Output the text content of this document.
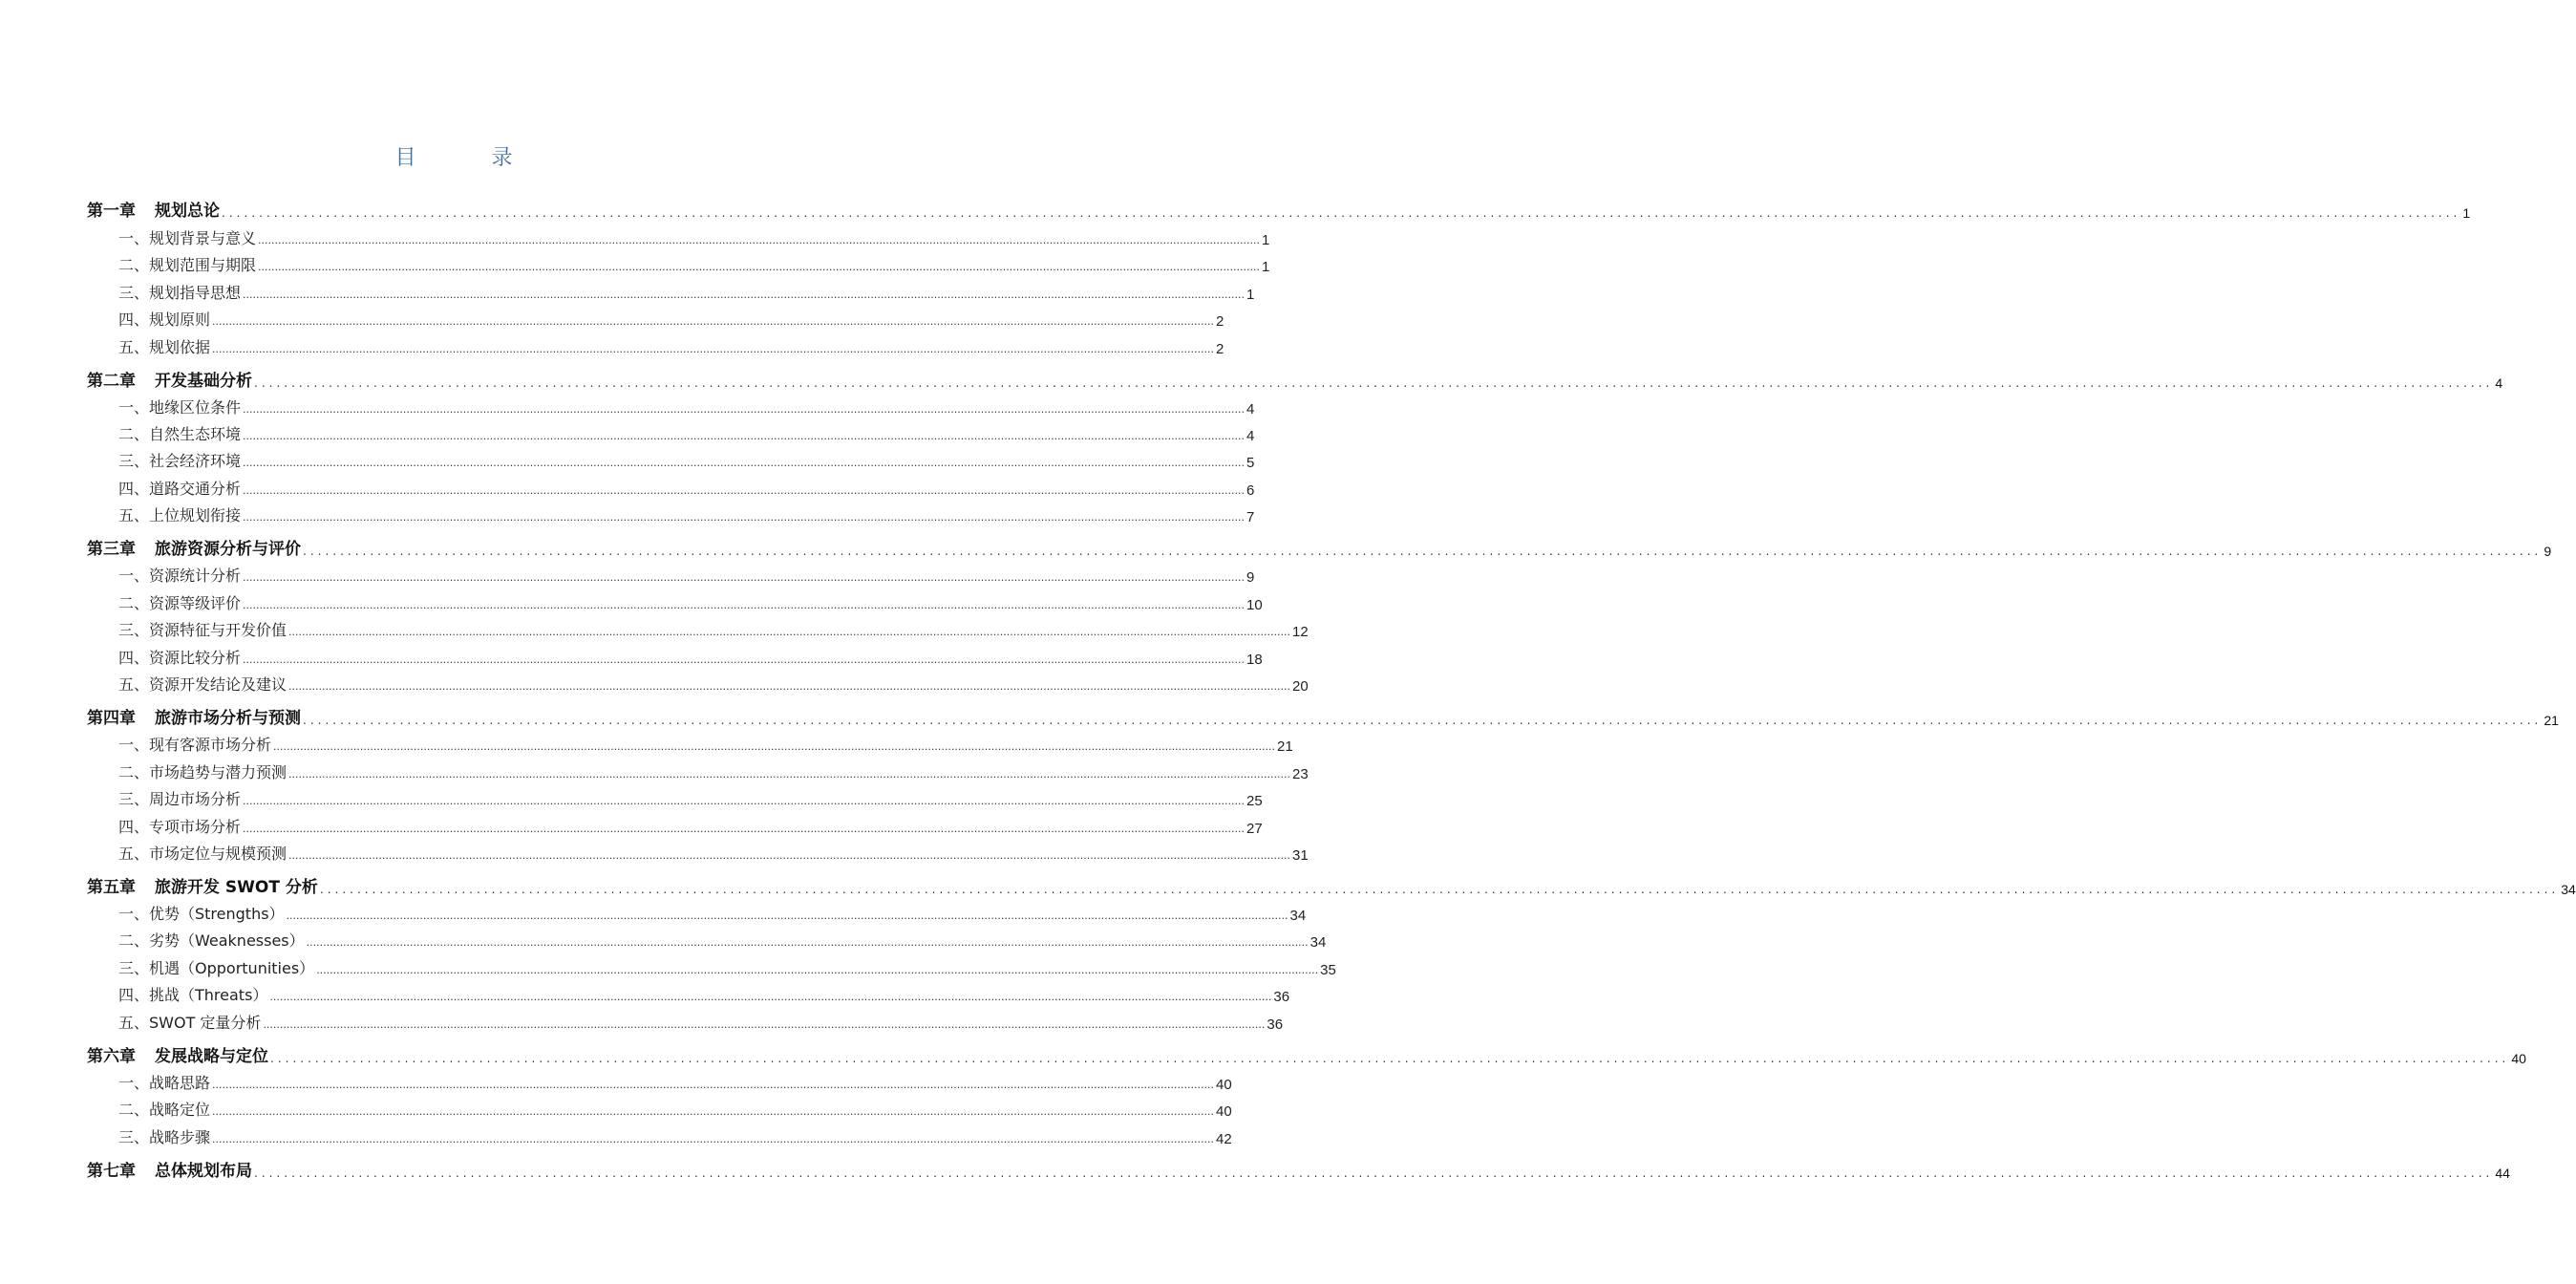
目 录
第一章 规划总论 ............................................................................................................................................................................................................................................................................................................ 1
一、规划背景与意义 ............................................................................................................................................................................................................................................................................................................ 1
二、规划范围与期限 ............................................................................................................................................................................................................................................................................................................ 1
三、规划指导思想 ............................................................................................................................................................................................................................................................................................................ 1
四、规划原则 ............................................................................................................................................................................................................................................................................................................ 2
五、规划依据 ............................................................................................................................................................................................................................................................................................................ 2
第二章 开发基础分析 ............................................................................................................................................................................................................................................................................................................ 4
一、地缘区位条件 ............................................................................................................................................................................................................................................................................................................ 4
二、自然生态环境 ............................................................................................................................................................................................................................................................................................................ 4
三、社会经济环境 ............................................................................................................................................................................................................................................................................................................ 5
四、道路交通分析 ............................................................................................................................................................................................................................................................................................................ 6
五、上位规划衔接 ............................................................................................................................................................................................................................................................................................................ 7
第三章 旅游资源分析与评价 ............................................................................................................................................................................................................................................................................................................ 9
一、资源统计分析 ............................................................................................................................................................................................................................................................................................................ 9
二、资源等级评价 ............................................................................................................................................................................................................................................................................................................ 10
三、资源特征与开发价值 ............................................................................................................................................................................................................................................................................................................ 12
四、资源比较分析 ............................................................................................................................................................................................................................................................................................................ 18
五、资源开发结论及建议 ............................................................................................................................................................................................................................................................................................................ 20
第四章 旅游市场分析与预测 ............................................................................................................................................................................................................................................................................................................ 21
一、现有客源市场分析 ............................................................................................................................................................................................................................................................................................................ 21
二、市场趋势与潜力预测 ............................................................................................................................................................................................................................................................................................................ 23
三、周边市场分析 ............................................................................................................................................................................................................................................................................................................ 25
四、专项市场分析 ............................................................................................................................................................................................................................................................................................................ 27
五、市场定位与规模预测 ............................................................................................................................................................................................................................................................................................................ 31
第五章 旅游开发 SWOT 分析 ............................................................................................................................................................................................................................................................................................................ 34
一、优势（Strengths） ............................................................................................................................................................................................................................................................................................................ 34
二、劣势（Weaknesses） ............................................................................................................................................................................................................................................................................................................ 34
三、机遇（Opportunities） ............................................................................................................................................................................................................................................................................................................ 35
四、挑战（Threats） ............................................................................................................................................................................................................................................................................................................ 36
五、SWOT 定量分析 ............................................................................................................................................................................................................................................................................................................ 36
第六章 发展战略与定位 ............................................................................................................................................................................................................................................................................................................ 40
一、战略思路 ............................................................................................................................................................................................................................................................................................................ 40
二、战略定位 ............................................................................................................................................................................................................................................................................................................ 40
三、战略步骤 ............................................................................................................................................................................................................................................................................................................ 42
第七章 总体规划布局 ............................................................................................................................................................................................................................................................................................................ 44
